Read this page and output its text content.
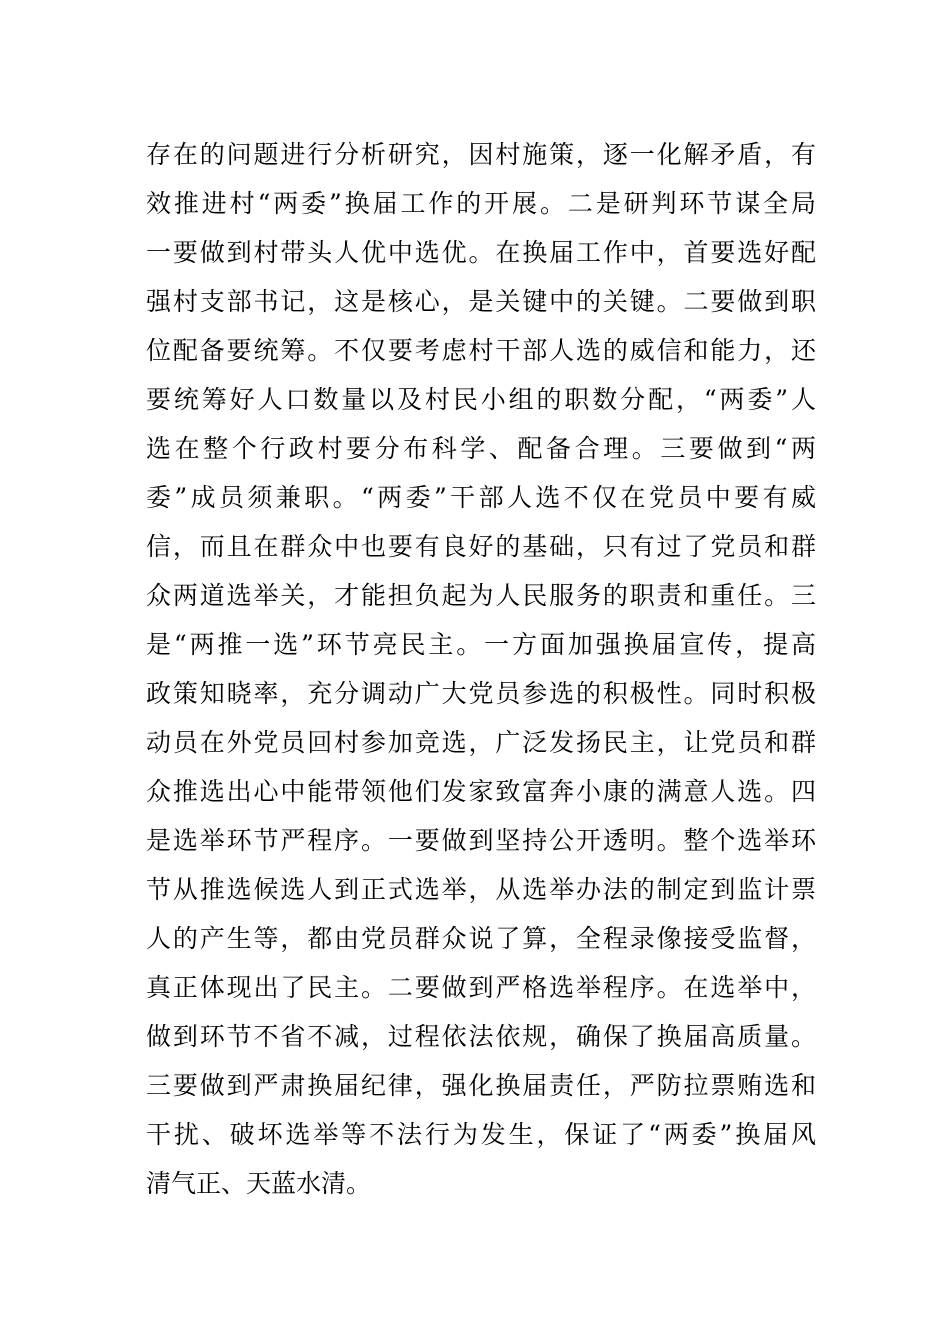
存在的问题进行分析研究，因村施策，逐一化解矛盾，有
效推进村“两委”换届工作的开展。二是研判环节谋全局
一要做到村带头人优中选优。在换届工作中，首要选好配
强村支部书记，这是核心，是关键中的关键。二要做到职
位配备要统筹。不仅要考虑村干部人选的威信和能力，还
要统筹好人口数量以及村民小组的职数分配，“两委”人
选在整个行政村要分布科学、配备合理。三要做到“两
委”成员须兼职。“两委”干部人选不仅在党员中要有威
信，而且在群众中也要有良好的基础，只有过了党员和群
众两道选举关，才能担负起为人民服务的职责和重任。三
是“两推一选”环节亮民主。一方面加强换届宣传，提高
政策知晓率，充分调动广大党员参选的积极性。同时积极
动员在外党员回村参加竞选，广泛发扬民主，让党员和群
众推选出心中能带领他们发家致富奔小康的满意人选。四
是选举环节严程序。一要做到坚持公开透明。整个选举环
节从推选候选人到正式选举，从选举办法的制定到监计票
人的产生等，都由党员群众说了算，全程录像接受监督，
真正体现出了民主。二要做到严格选举程序。在选举中，
做到环节不省不减，过程依法依规，确保了换届高质量。
三要做到严肃换届纪律，强化换届责任，严防拉票贿选和
干扰、破坏选举等不法行为发生，保证了“两委”换届风
清气正、天蓝水清。
